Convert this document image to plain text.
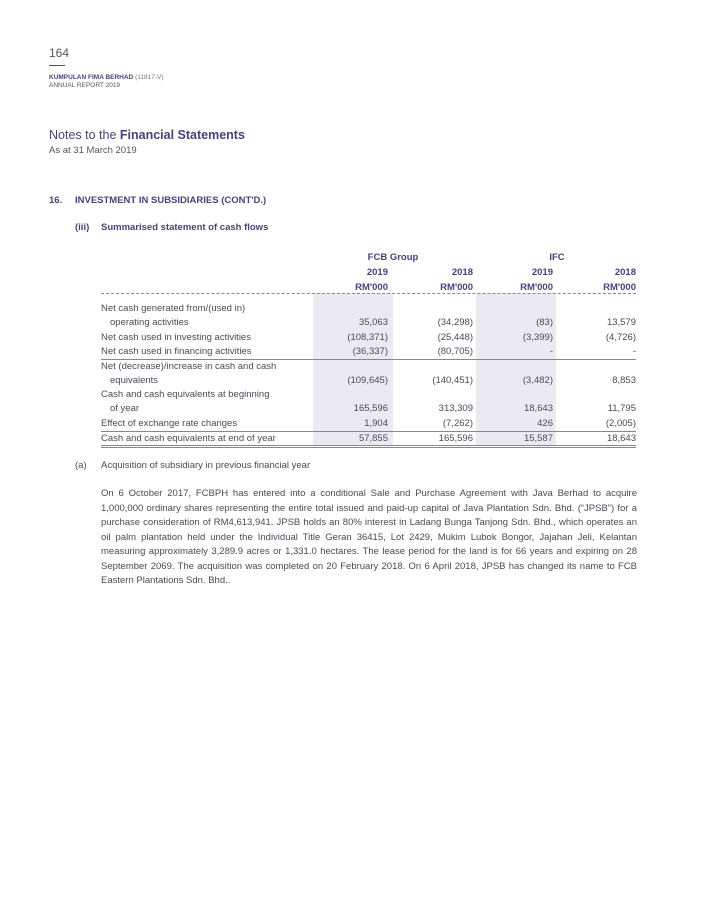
164
KUMPULAN FIMA BERHAD (11817-V)
ANNUAL REPORT 2019
Notes to the Financial Statements
As at 31 March 2019
16. INVESTMENT IN SUBSIDIARIES (CONT'D.)
(iii) Summarised statement of cash flows
FCB Group	IFC
2019	2018	2019	2018
RM'000	RM'000	RM'000	RM'000
Net cash generated from/(used in)
operating activities	35,063	(34,298)	(83)	13,579
Net cash used in investing activities	(108,371)	(25,448)	(3,399)	(4,726)
Net cash used in financing activities	(36,337)	(80,705)	-	-
Net (decrease)/increase in cash and cash
equivalents	(109,645)	(140,451)	(3,482)	8,853
Cash and cash equivalents at beginning
of year	165,596	313,309	18,643	11,795
Effect of exchange rate changes	1,904	(7,262)	426	(2,005)
Cash and cash equivalents at end of year	57,855	165,596	15,587	18,643
(a) Acquisition of subsidiary in previous financial year

On 6 October 2017, FCBPH has entered into a conditional Sale and Purchase Agreement with Java Berhad to acquire 1,000,000 ordinary shares representing the entire total issued and paid-up capital of Java Plantation Sdn. Bhd. (“JPSB”) for a purchase consideration of RM4,613,941. JPSB holds an 80% interest in Ladang Bunga Tanjong Sdn. Bhd., which operates an oil palm plantation held under the Individual Title Geran 36415, Lot 2429, Mukim Lubok Bongor, Jajahan Jeli, Kelantan measuring approximately 3,289.9 acres or 1,331.0 hectares. The lease period for the land is for 66 years and expiring on 28 September 2069. The acquisition was completed on 20 February 2018. On 6 April 2018, JPSB has changed its name to FCB Eastern Plantations Sdn. Bhd..
